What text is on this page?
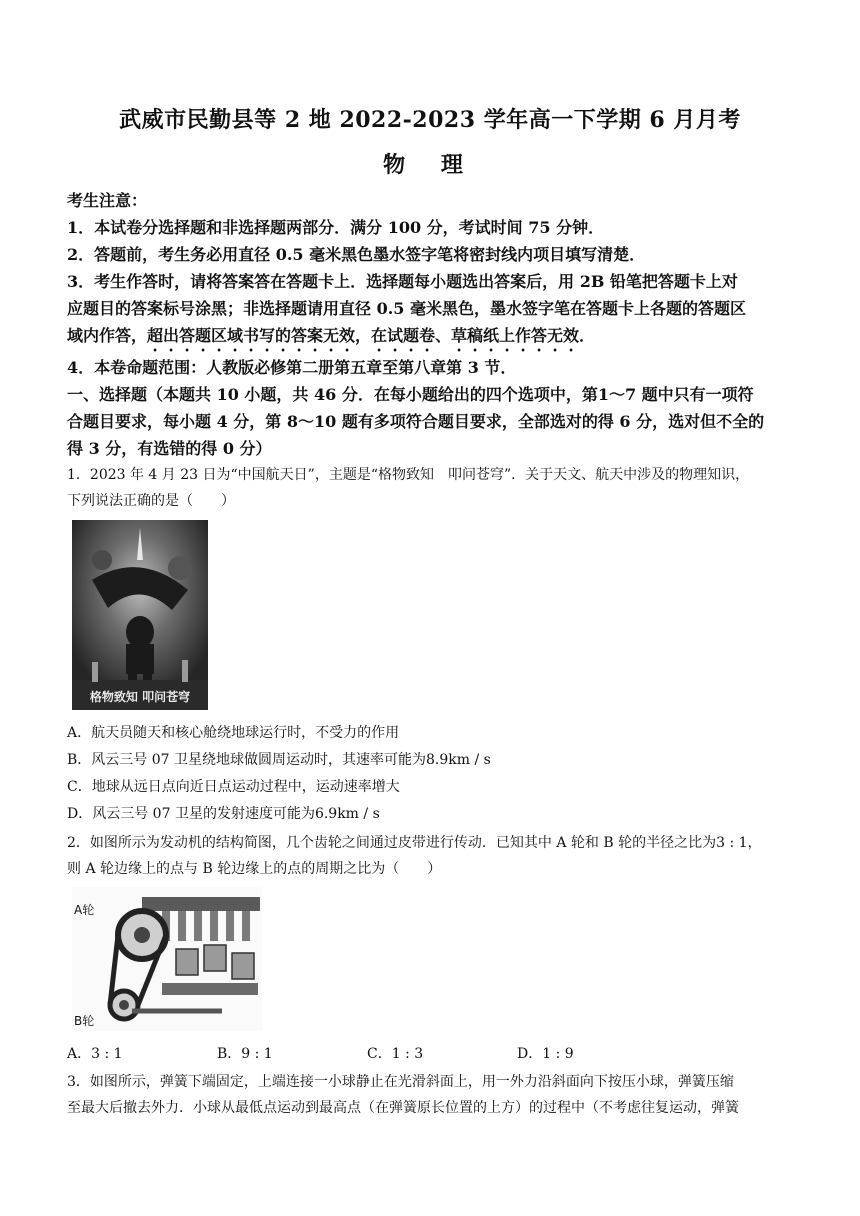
武威市民勤县等 2 地 2022-2023 学年高一下学期 6 月月考
物 理
考生注意：
1．本试卷分选择题和非选择题两部分．满分 100 分，考试时间 75 分钟．
2．答题前，考生务必用直径 0.5 毫米黑色墨水签字笔将密封线内项目填写清楚．
3．考生作答时，请将答案答在答题卡上．选择题每小题选出答案后，用 2B 铅笔把答题卡上对
应题目的答案标号涂黑；非选择题请用直径 0.5 毫米黑色，墨水签字笔在答题卡上各题的答题区
域内作答，超出答题区域书写的答案无效，在试题卷、草稿纸上作答无效．
4．本卷命题范围：人教版必修第二册第五章至第八章第 3 节．
一、选择题（本题共 10 小题，共 46 分．在每小题给出的四个选项中，第1～7 题中只有一项符
合题目要求，每小题 4 分，第 8～10 题有多项符合题目要求，全部选对的得 6 分，选对但不全的
得 3 分，有选错的得 0 分）
1．2023 年 4 月 23 日为“中国航天日”，主题是“格物致知　叩问苍穹”．关于天文、航天中涉及的物理知识，
下列说法正确的是（　　）
格物致知 叩问苍穹
A．航天员随天和核心舱绕地球运行时，不受力的作用
B．风云三号 07 卫星绕地球做圆周运动时，其速率可能为8.9km / s
C．地球从远日点向近日点运动过程中，运动速率增大
D．风云三号 07 卫星的发射速度可能为6.9km / s
2．如图所示为发动机的结构简图，几个齿轮之间通过皮带进行传动．已知其中 A 轮和 B 轮的半径之比为3 : 1，
则 A 轮边缘上的点与 B 轮边缘上的点的周期之比为（　　）
A轮
B轮
A．3 : 1	B．9 : 1	C．1 : 3	D．1 : 9
3．如图所示，弹簧下端固定，上端连接一小球静止在光滑斜面上，用一外力沿斜面向下按压小球，弹簧压缩
至最大后撤去外力．小球从最低点运动到最高点（在弹簧原长位置的上方）的过程中（不考虑往复运动，弹簧
